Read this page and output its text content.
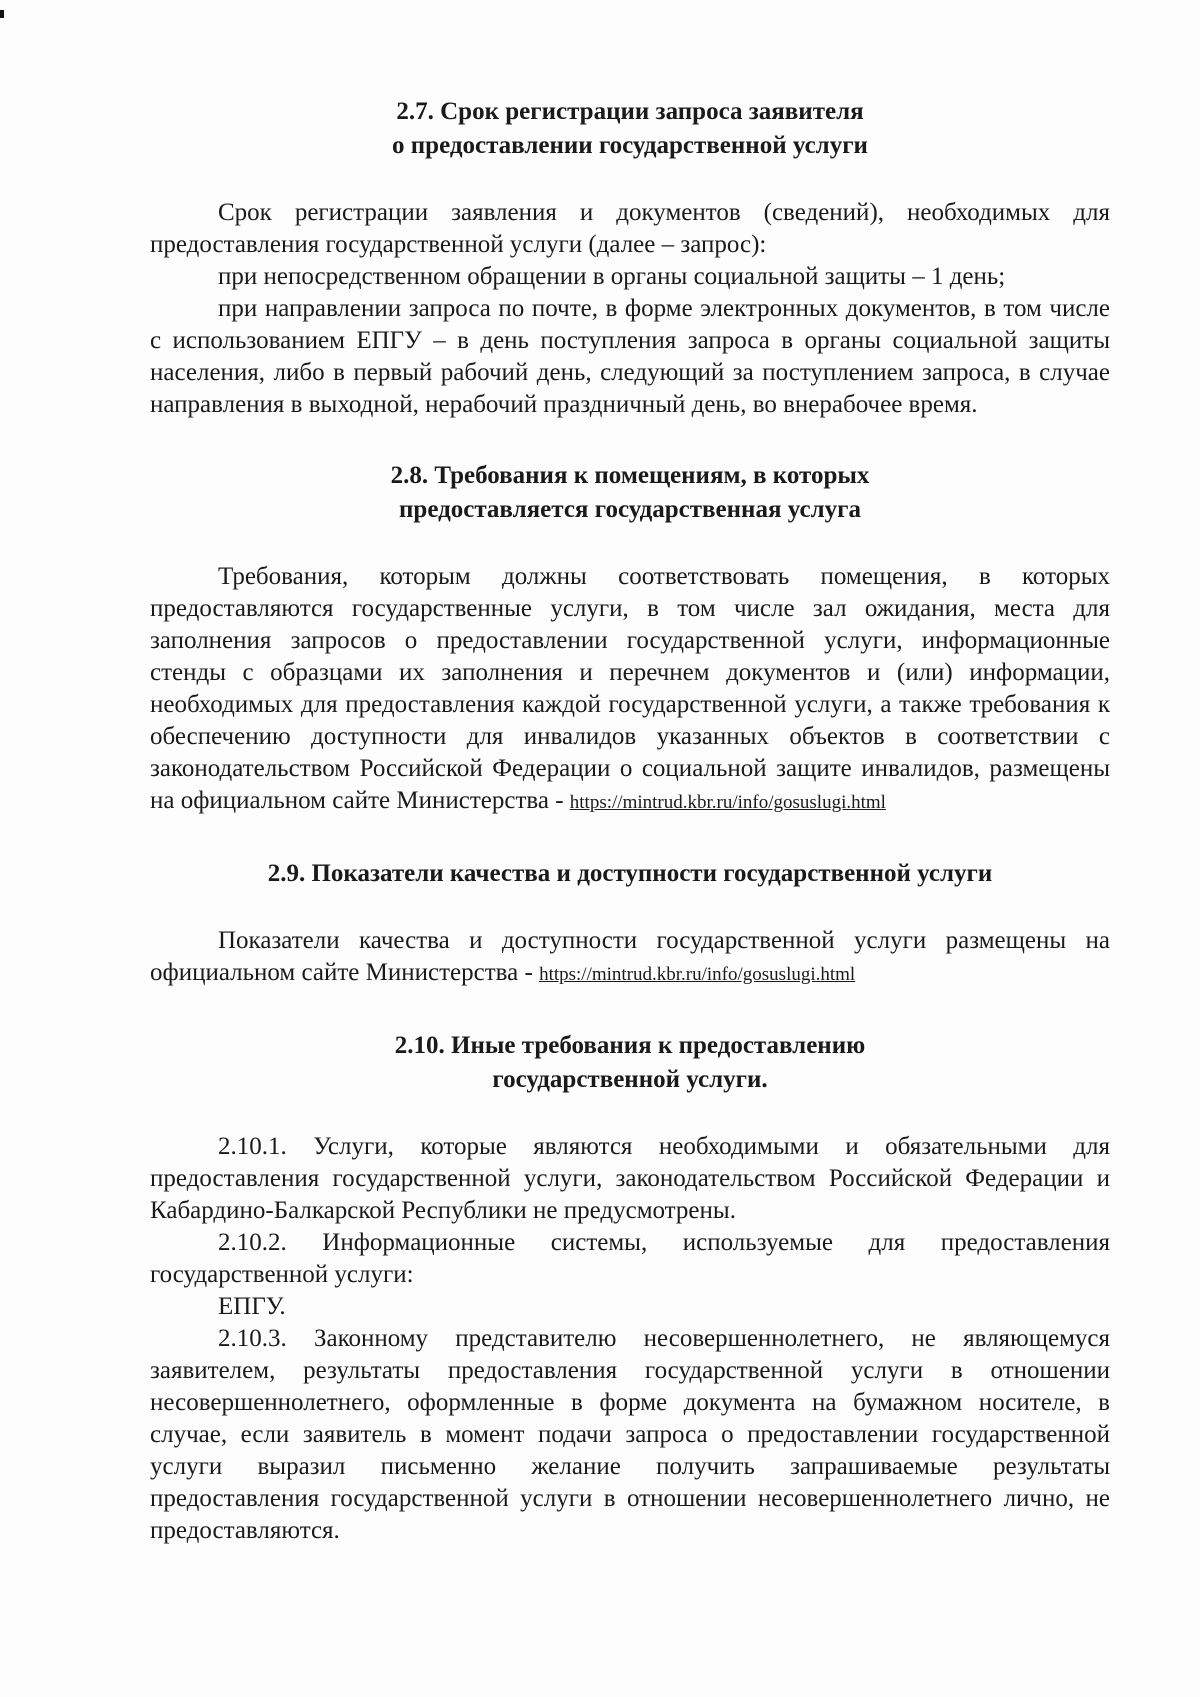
2.7. Срок регистрации запроса заявителя
о предоставлении государственной услуги

Срок регистрации заявления и документов (сведений), необходимых для предоставления государственной услуги (далее – запрос):

при непосредственном обращении в органы социальной защиты – 1 день;

при направлении запроса по почте, в форме электронных документов, в том числе с использованием ЕПГУ – в день поступления запроса в органы социальной защиты населения, либо в первый рабочий день, следующий за поступлением запроса, в случае направления в выходной, нерабочий праздничный день, во внерабочее время.

2.8. Требования к помещениям, в которых
предоставляется государственная услуга

Требования, которым должны соответствовать помещения, в которых предоставляются государственные услуги, в том числе зал ожидания, места для заполнения запросов о предоставлении государственной услуги, информационные стенды с образцами их заполнения и перечнем документов и (или) информации, необходимых для предоставления каждой государственной услуги, а также требования к обеспечению доступности для инвалидов указанных объектов в соответствии с законодательством Российской Федерации о социальной защите инвалидов, размещены на официальном сайте Министерства - https://mintrud.kbr.ru/info/gosuslugi.html

2.9. Показатели качества и доступности государственной услуги

Показатели качества и доступности государственной услуги размещены на официальном сайте Министерства - https://mintrud.kbr.ru/info/gosuslugi.html

2.10. Иные требования к предоставлению
государственной услуги.

2.10.1. Услуги, которые являются необходимыми и обязательными для предоставления государственной услуги, законодательством Российской Федерации и Кабардино-Балкарской Республики не предусмотрены.

2.10.2. Информационные системы, используемые для предоставления государственной услуги:

ЕПГУ.

2.10.3. Законному представителю несовершеннолетнего, не являющемуся заявителем, результаты предоставления государственной услуги в отношении несовершеннолетнего, оформленные в форме документа на бумажном носителе, в случае, если заявитель в момент подачи запроса о предоставлении государственной услуги выразил письменно желание получить запрашиваемые результаты предоставления государственной услуги в отношении несовершеннолетнего лично, не предоставляются.
